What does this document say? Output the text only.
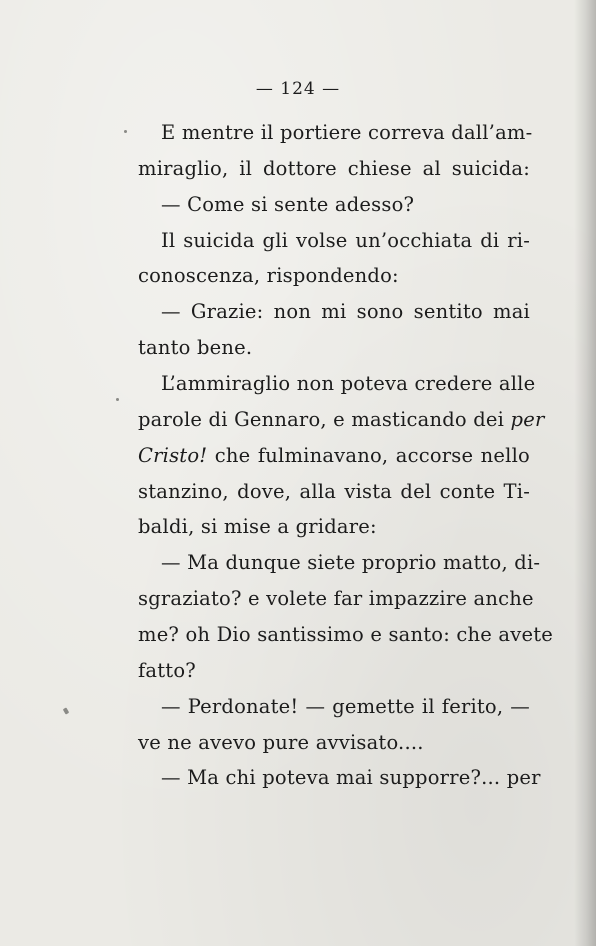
— 124 —
E mentre il portiere correva dall’am-
miraglio, il dottore chiese al suicida:
— Come si sente adesso?
Il suicida gli volse un’occhiata di ri-
conoscenza, rispondendo:
— Grazie: non mi sono sentito mai
tanto bene.
L’ammiraglio non poteva credere alle
parole di Gennaro, e masticando dei per
Cristo! che fulminavano, accorse nello
stanzino, dove, alla vista del conte Ti-
baldi, si mise a gridare:
— Ma dunque siete proprio matto, di-
sgraziato? e volete far impazzire anche
me? oh Dio santissimo e santo: che avete
fatto?
— Perdonate! — gemette il ferito, —
ve ne avevo pure avvisato....
— Ma chi poteva mai supporre?... per
